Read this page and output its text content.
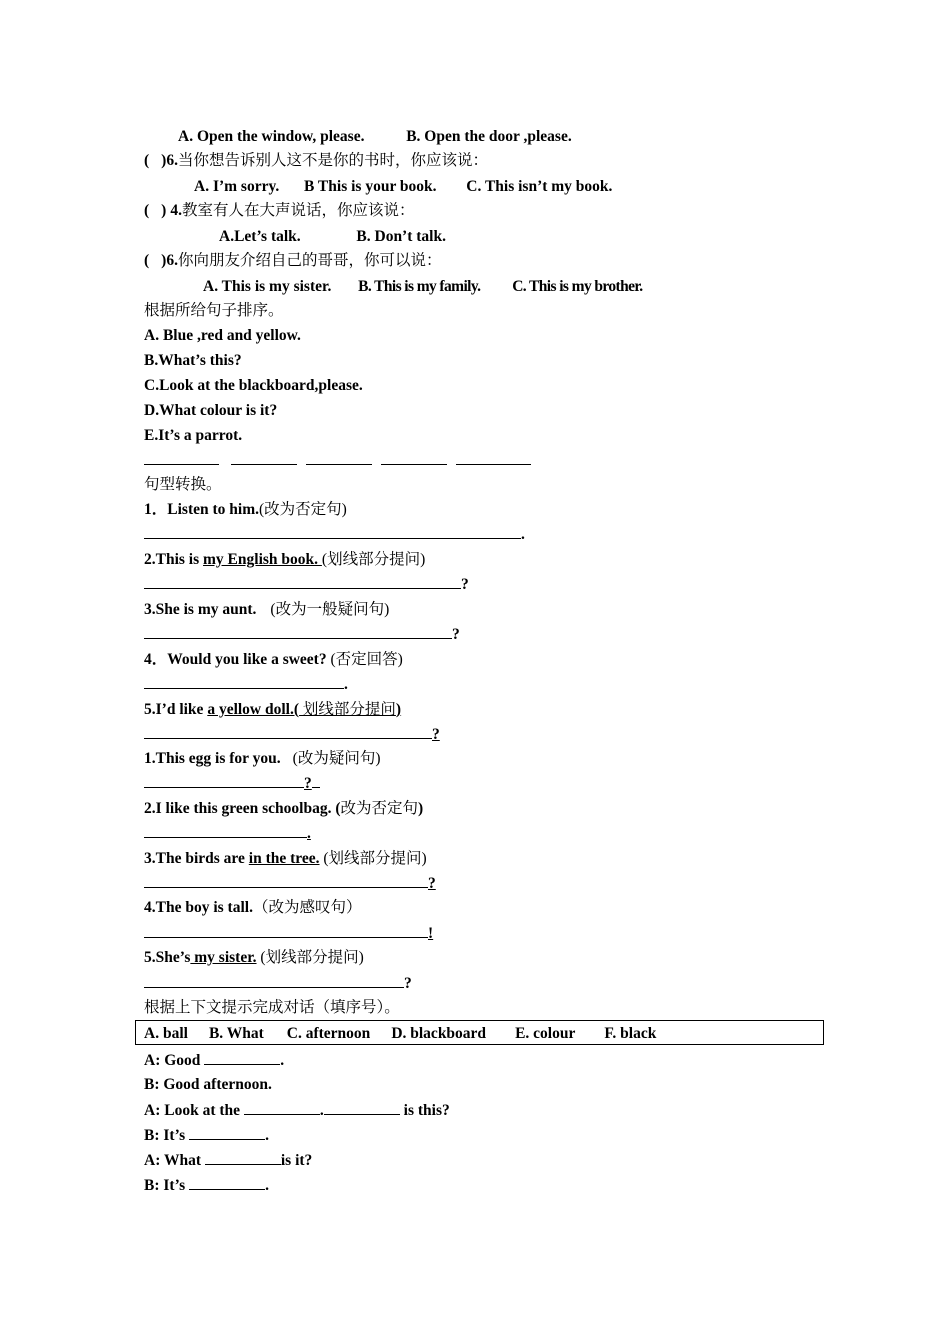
A. Open the window, please.	B. Open the door ,please.
( )6.当你想告诉别人这不是你的书时，你应该说：
A. I’m sorry. B This is your book. C. This isn’t my book.
( ) 4.教室有人在大声说话，你应该说：
A.Let’s talk.	B. Don’t talk.
( )6.你向朋友介绍自己的哥哥，你可以说：
A. This is my sister. B. This is my family. C. This is my brother.
根据所给句子排序。
A. Blue ,red and yellow.
B.What’s this?
C.Look at the blackboard,please.
D.What colour is it?
E.It’s a parrot.
句型转换。
1．Listen to him.(改为否定句)
.
2.This is my English book. (划线部分提问)
?
3.She is my aunt. (改为一般疑问句)
?
4．Would you like a sweet? (否定回答)
.
5.I’d like a yellow doll.( 划线部分提问)
?
1.This egg is for you. (改为疑问句)
?
2.I like this green schoolbag. (改为否定句)
.
3.The birds are in the tree. (划线部分提问)
?
4.The boy is tall.（改为感叹句）
!
5.She’s my sister. (划线部分提问)
?
根据上下文提示完成对话（填序号）。
A. ball B. What C. afternoon D. blackboard E. colour F. black
A: Good	.
B: Good afternoon.
A: Look at the	.	is this?
B: It’s	.
A: What	is it?
B: It’s	.
